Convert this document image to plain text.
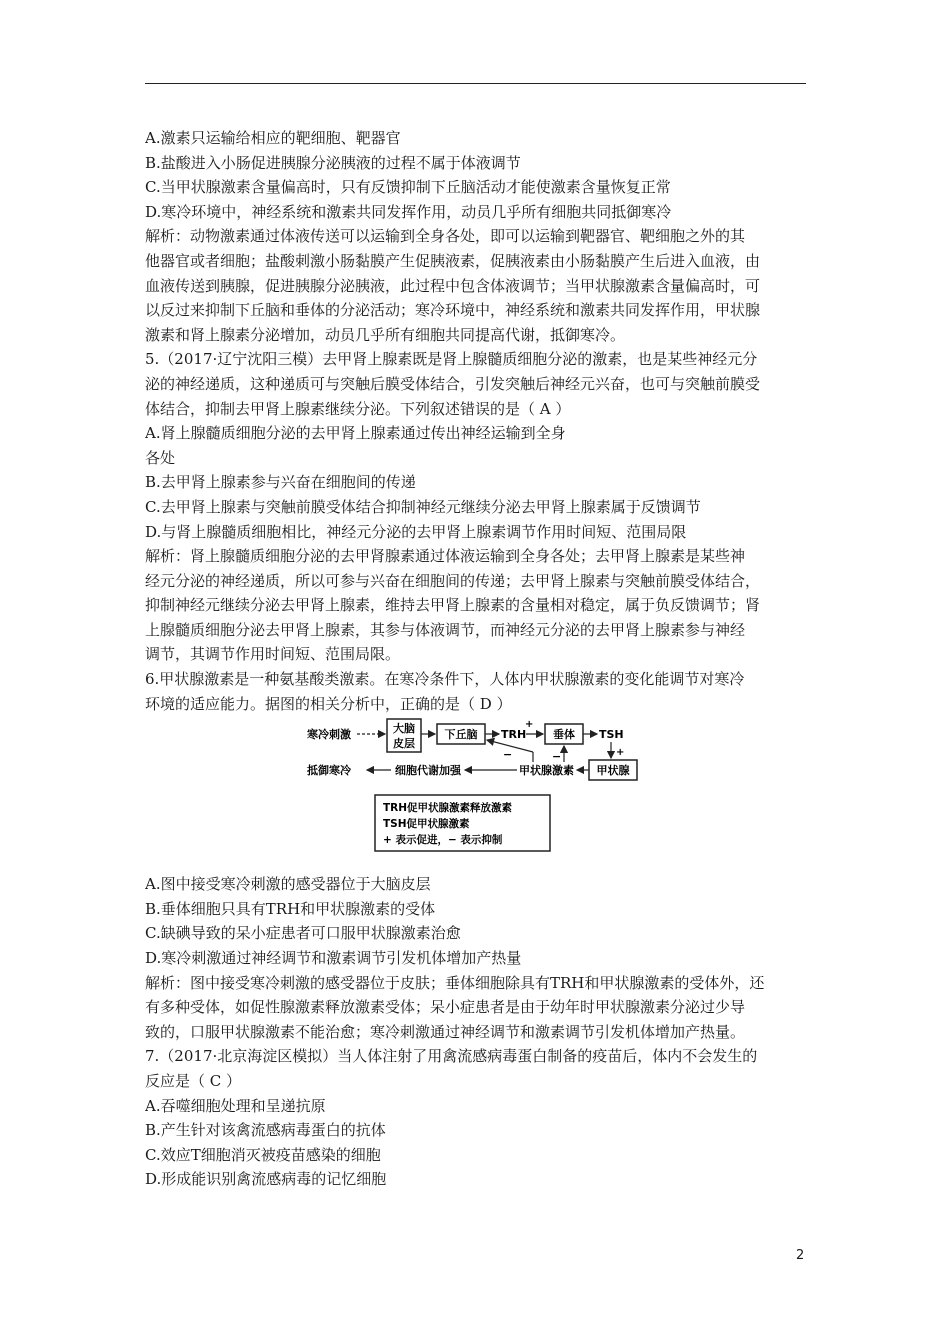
A.激素只运输给相应的靶细胞、靶器官
B.盐酸进入小肠促进胰腺分泌胰液的过程不属于体液调节
C.当甲状腺激素含量偏高时，只有反馈抑制下丘脑活动才能使激素含量恢复正常
D.寒冷环境中，神经系统和激素共同发挥作用，动员几乎所有细胞共同抵御寒冷
解析：动物激素通过体液传送可以运输到全身各处，即可以运输到靶器官、靶细胞之外的其
他器官或者细胞；盐酸刺激小肠黏膜产生促胰液素，促胰液素由小肠黏膜产生后进入血液，由
血液传送到胰腺，促进胰腺分泌胰液，此过程中包含体液调节；当甲状腺激素含量偏高时，可
以反过来抑制下丘脑和垂体的分泌活动；寒冷环境中，神经系统和激素共同发挥作用，甲状腺
激素和肾上腺素分泌增加，动员几乎所有细胞共同提高代谢，抵御寒冷。
5.（2017·辽宁沈阳三模）去甲肾上腺素既是肾上腺髓质细胞分泌的激素，也是某些神经元分
泌的神经递质，这种递质可与突触后膜受体结合，引发突触后神经元兴奋，也可与突触前膜受
体结合，抑制去甲肾上腺素继续分泌。下列叙述错误的是（ A ）
A.肾上腺髓质细胞分泌的去甲肾上腺素通过传出神经运输到全身
各处
B.去甲肾上腺素参与兴奋在细胞间的传递
C.去甲肾上腺素与突触前膜受体结合抑制神经元继续分泌去甲肾上腺素属于反馈调节
D.与肾上腺髓质细胞相比，神经元分泌的去甲肾上腺素调节作用时间短、范围局限
解析：肾上腺髓质细胞分泌的去甲肾腺素通过体液运输到全身各处；去甲肾上腺素是某些神
经元分泌的神经递质，所以可参与兴奋在细胞间的传递；去甲肾上腺素与突触前膜受体结合，
抑制神经元继续分泌去甲肾上腺素，维持去甲肾上腺素的含量相对稳定，属于负反馈调节；肾
上腺髓质细胞分泌去甲肾上腺素，其参与体液调节，而神经元分泌的去甲肾上腺素参与神经
调节，其调节作用时间短、范围局限。
6.甲状腺激素是一种氨基酸类激素。在寒冷条件下，人体内甲状腺激素的变化能调节对寒冷
环境的适应能力。据图的相关分析中，正确的是（ D ）
寒冷刺激	大脑
皮层
下丘脑 TRH
+
垂体 TSH
+
甲状腺
甲状腺激素
−
−
细胞代谢加强
抵御寒冷
TRH促甲状腺激素释放激素
TSH促甲状腺激素
+ 表示促进，− 表示抑制
A.图中接受寒冷刺激的感受器位于大脑皮层
B.垂体细胞只具有TRH和甲状腺激素的受体
C.缺碘导致的呆小症患者可口服甲状腺激素治愈
D.寒冷刺激通过神经调节和激素调节引发机体增加产热量
解析：图中接受寒冷刺激的感受器位于皮肤；垂体细胞除具有TRH和甲状腺激素的受体外，还
有多种受体，如促性腺激素释放激素受体；呆小症患者是由于幼年时甲状腺激素分泌过少导
致的，口服甲状腺激素不能治愈；寒冷刺激通过神经调节和激素调节引发机体增加产热量。
7.（2017·北京海淀区模拟）当人体注射了用禽流感病毒蛋白制备的疫苗后，体内不会发生的
反应是（ C ）
A.吞噬细胞处理和呈递抗原
B.产生针对该禽流感病毒蛋白的抗体
C.效应T细胞消灭被疫苗感染的细胞
D.形成能识别禽流感病毒的记忆细胞
2
